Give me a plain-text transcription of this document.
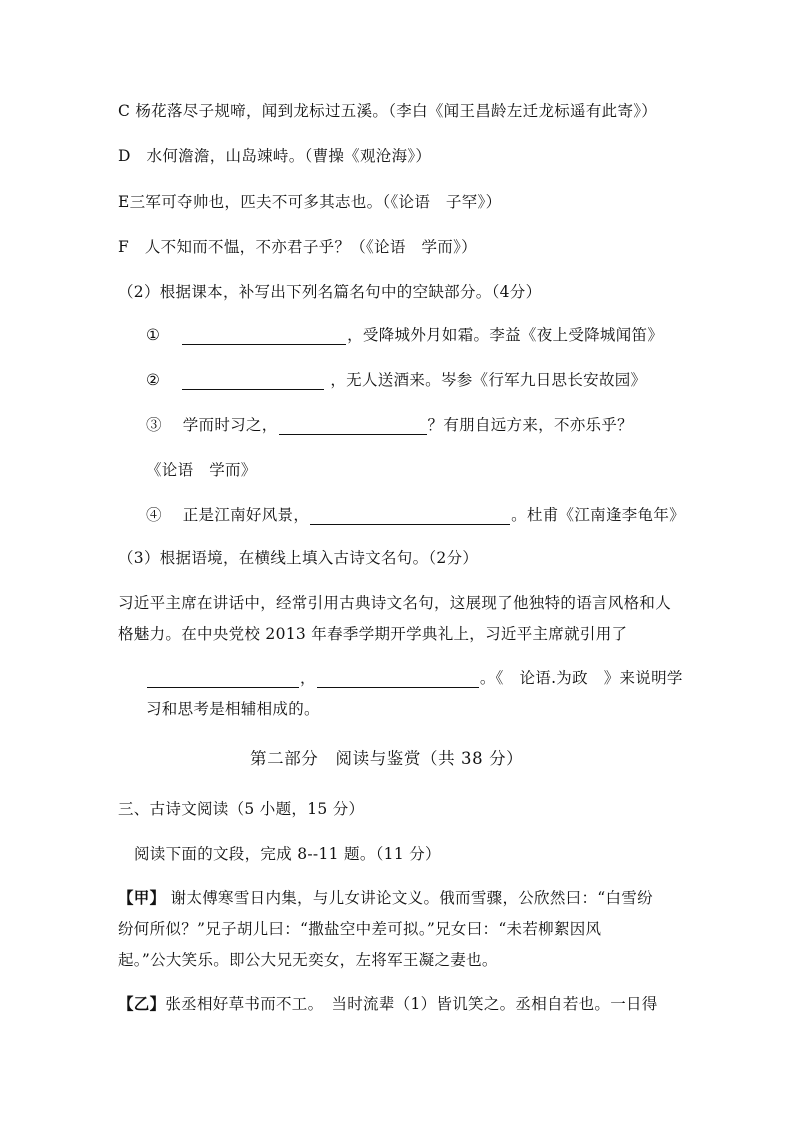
C 杨花落尽子规啼，闻到龙标过五溪。（李白《闻王昌龄左迁龙标遥有此寄》）
D　水何澹澹，山岛竦峙。（曹操《观沧海》）
E三军可夺帅也，匹夫不可多其志也。（《论语　子罕》）
F　人不知而不愠，不亦君子乎？（《论语　学而》）
（2）根据课本，补写出下列名篇名句中的空缺部分。（4分）
①	，受降城外月如霜。李益《夜上受降城闻笛》
②	，无人送酒来。岑参《行军九日思长安故园》
③ 学而时习之，	？有朋自远方来，不亦乐乎？
《论语　学而》
④ 正是江南好风景，	。杜甫《江南逢李龟年》
（3）根据语境，在横线上填入古诗文名句。（2分）
习近平主席在讲话中，经常引用古典诗文名句，这展现了他独特的语言风格和人
格魅力。在中央党校 2013 年春季学期开学典礼上，习近平主席就引用了
，	。《　论语.为政　》来说明学
习和思考是相辅相成的。
第二部分　阅读与鉴赏（共 38 分）
三、古诗文阅读（5 小题，15 分）
阅读下面的文段，完成 8--11 题。（11 分）
【甲】 谢太傅寒雪日内集，与儿女讲论文义。俄而雪骤，公欣然曰：“白雪纷
纷何所似？”兄子胡儿曰：“撒盐空中差可拟。”兄女曰：“未若柳絮因风
起。”公大笑乐。即公大兄无奕女，左将军王凝之妻也。
【乙】张丞相好草书而不工。　当时流辈（1）皆讥笑之。丞相自若也。一日得
